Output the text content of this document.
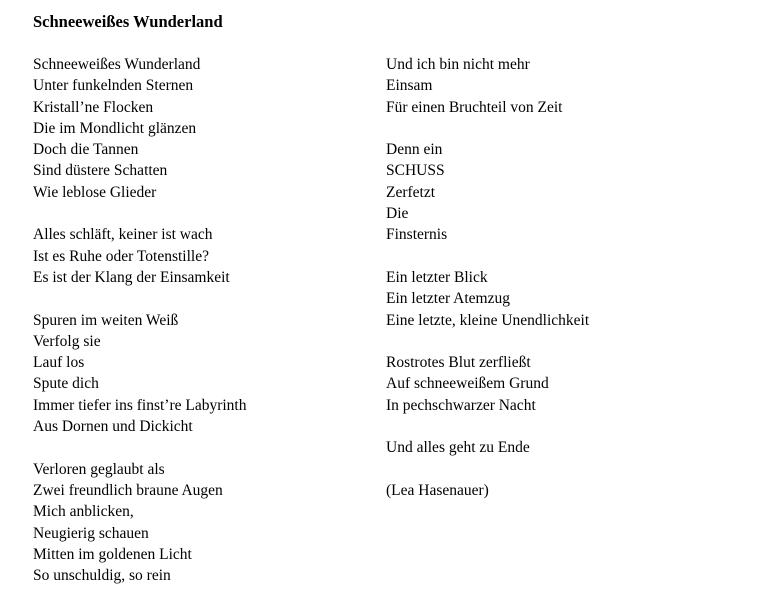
Schneeweißes Wunderland
Schneeweißes Wunderland
Unter funkelnden Sternen
Kristall’ne Flocken
Die im Mondlicht glänzen
Doch die Tannen
Sind düstere Schatten
Wie leblose Glieder
Alles schläft, keiner ist wach
Ist es Ruhe oder Totenstille?
Es ist der Klang der Einsamkeit
Spuren im weiten Weiß
Verfolg sie
Lauf los
Spute dich
Immer tiefer ins finst’re Labyrinth
Aus Dornen und Dickicht
Verloren geglaubt als
Zwei freundlich braune Augen
Mich anblicken,
Neugierig schauen
Mitten im goldenen Licht
So unschuldig, so rein
Und ich bin nicht mehr
Einsam
Für einen Bruchteil von Zeit
Denn ein
SCHUSS
Zerfetzt
Die
Finsternis
Ein letzter Blick
Ein letzter Atemzug
Eine letzte, kleine Unendlichkeit
Rostrotes Blut zerfließt
Auf schneeweißem Grund
In pechschwarzer Nacht
Und alles geht zu Ende
(Lea Hasenauer)
